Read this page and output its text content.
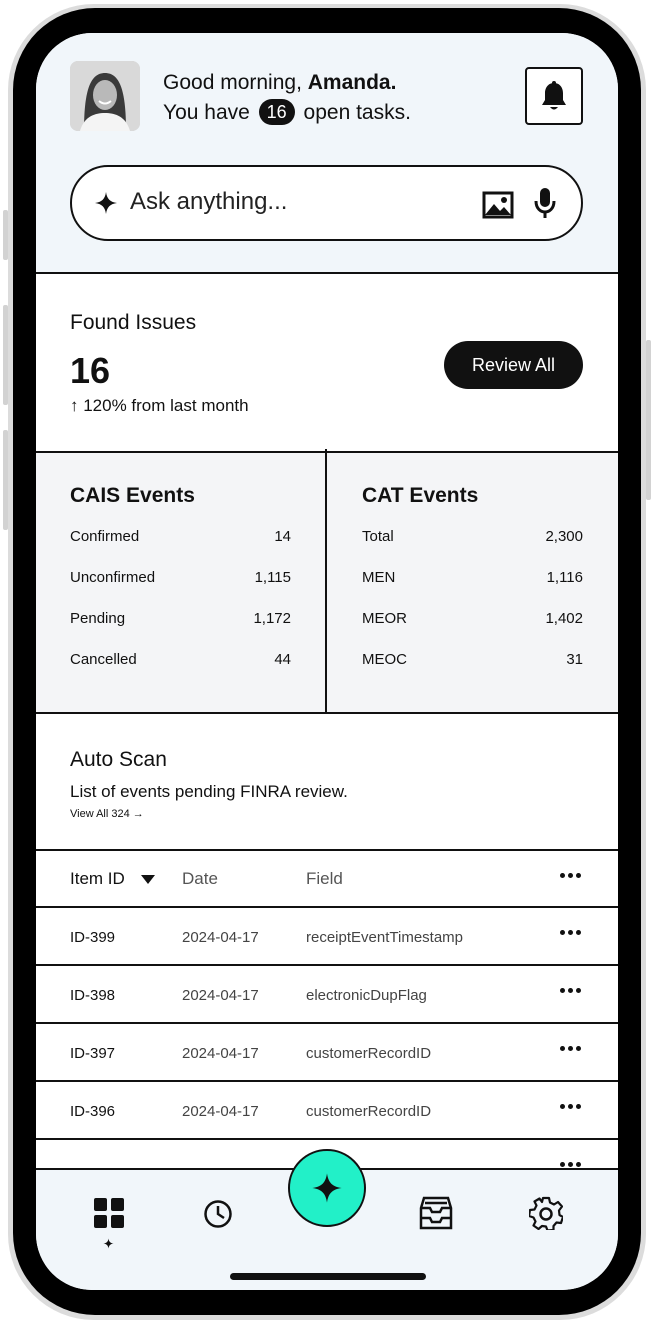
Good morning, Amanda.
You have 16 open tasks.
Ask anything...
Found Issues
16
↑ 120% from last month
Review All
CAIS Events
Confirmed	14
Unconfirmed	1,115
Pending	1,172
Cancelled	44
CAT Events
Total	2,300
MEN	1,116
MEOR	1,402
MEOC	31
Auto Scan
List of events pending FINRA review.
View All 324 →
Item ID	Date	Field
ID-399	2024-04-17	receiptEventTimestamp
ID-398	2024-04-17	electronicDupFlag
ID-397	2024-04-17	customerRecordID
ID-396	2024-04-17	customerRecordID
